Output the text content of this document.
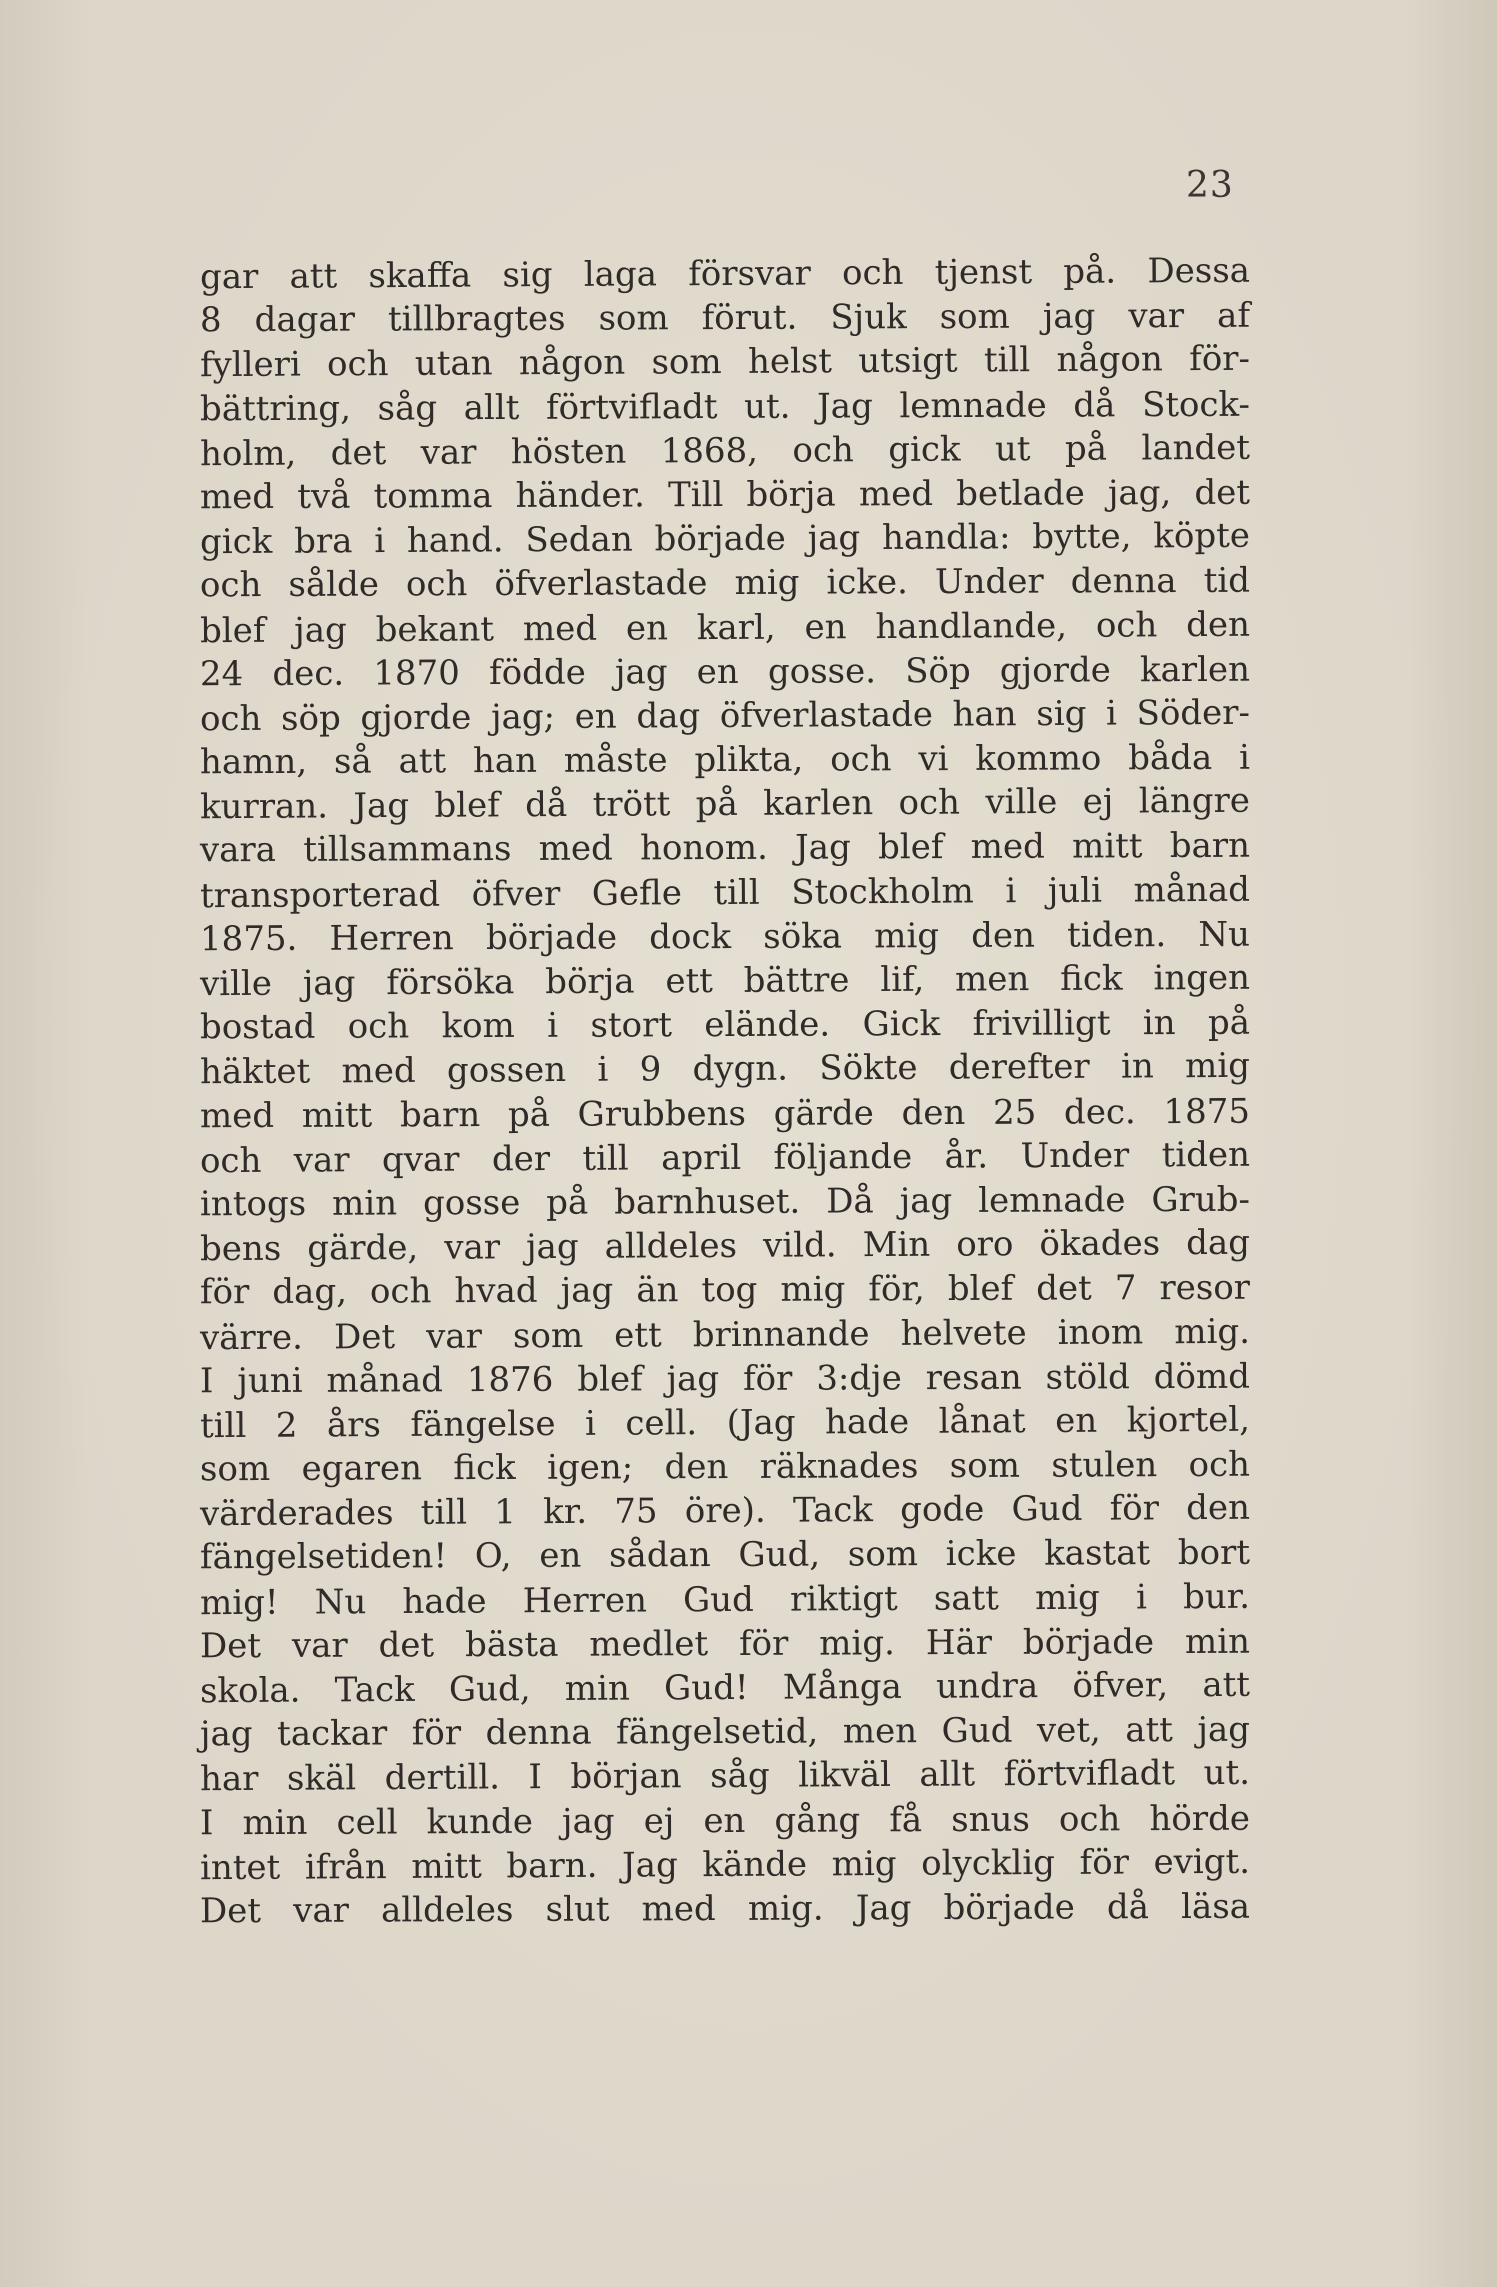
23
gar att skaffa sig laga försvar och tjenst på. Dessa
8 dagar tillbragtes som förut. Sjuk som jag var af
fylleri och utan någon som helst utsigt till någon för-
bättring, såg allt förtvifladt ut. Jag lemnade då Stock-
holm, det var hösten 1868, och gick ut på landet
med två tomma händer. Till börja med betlade jag, det
gick bra i hand. Sedan började jag handla: bytte, köpte
och sålde och öfverlastade mig icke. Under denna tid
blef jag bekant med en karl, en handlande, och den
24 dec. 1870 födde jag en gosse. Söp gjorde karlen
och söp gjorde jag; en dag öfverlastade han sig i Söder-
hamn, så att han måste plikta, och vi kommo båda i
kurran. Jag blef då trött på karlen och ville ej längre
vara tillsammans med honom. Jag blef med mitt barn
transporterad öfver Gefle till Stockholm i juli månad
1875. Herren började dock söka mig den tiden. Nu
ville jag försöka börja ett bättre lif, men fick ingen
bostad och kom i stort elände. Gick frivilligt in på
häktet med gossen i 9 dygn. Sökte derefter in mig
med mitt barn på Grubbens gärde den 25 dec. 1875
och var qvar der till april följande år. Under tiden
intogs min gosse på barnhuset. Då jag lemnade Grub-
bens gärde, var jag alldeles vild. Min oro ökades dag
för dag, och hvad jag än tog mig för, blef det 7 resor
värre. Det var som ett brinnande helvete inom mig.
I juni månad 1876 blef jag för 3:dje resan stöld dömd
till 2 års fängelse i cell. (Jag hade lånat en kjortel,
som egaren fick igen; den räknades som stulen och
värderades till 1 kr. 75 öre). Tack gode Gud för den
fängelsetiden! O, en sådan Gud, som icke kastat bort
mig! Nu hade Herren Gud riktigt satt mig i bur.
Det var det bästa medlet för mig. Här började min
skola. Tack Gud, min Gud! Många undra öfver, att
jag tackar för denna fängelsetid, men Gud vet, att jag
har skäl dertill. I början såg likväl allt förtvifladt ut.
I min cell kunde jag ej en gång få snus och hörde
intet ifrån mitt barn. Jag kände mig olycklig för evigt.
Det var alldeles slut med mig. Jag började då läsa
